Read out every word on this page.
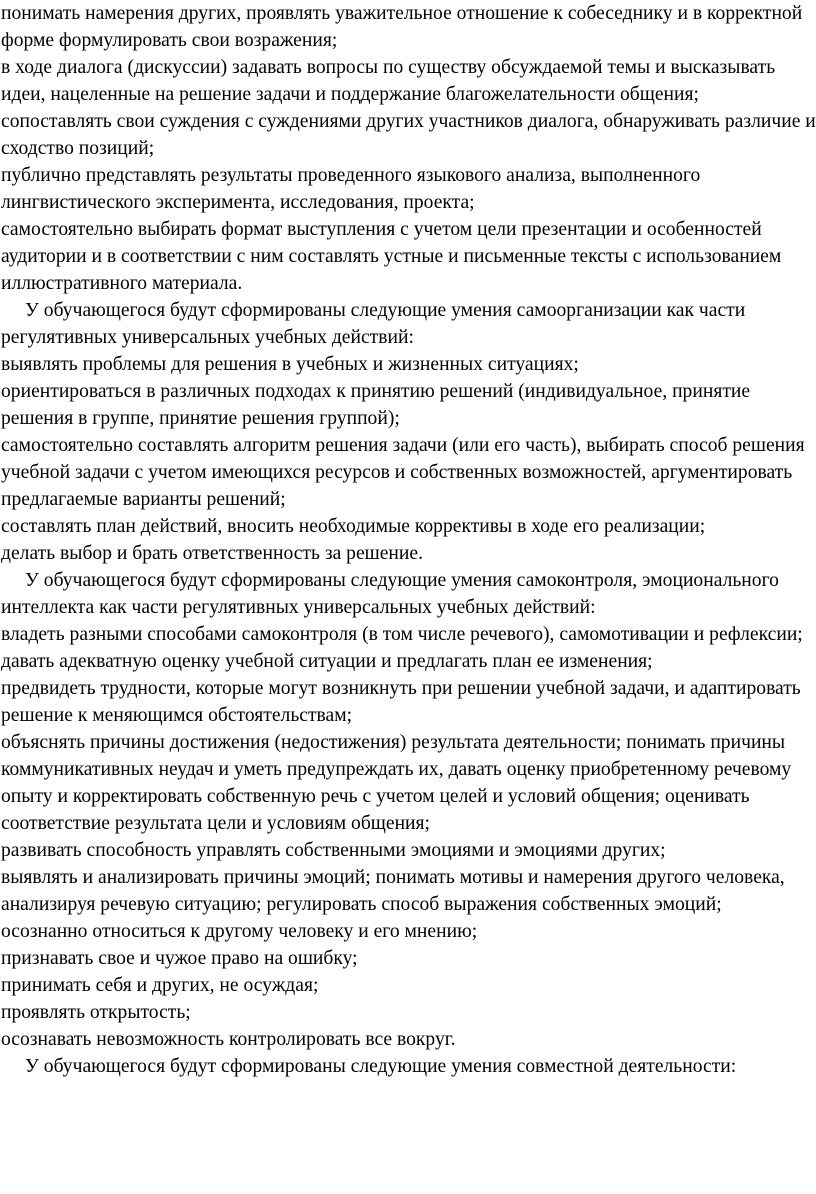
понимать намерения других, проявлять уважительное отношение к собеседнику и в корректной форме формулировать свои возражения;

в ходе диалога (дискуссии) задавать вопросы по существу обсуждаемой темы и высказывать идеи, нацеленные на решение задачи и поддержание благожелательности общения;

сопоставлять свои суждения с суждениями других участников диалога, обнаруживать различие и сходство позиций;

публично представлять результаты проведенного языкового анализа, выполненного лингвистического эксперимента, исследования, проекта;

самостоятельно выбирать формат выступления с учетом цели презентации и особенностей аудитории и в соответствии с ним составлять устные и письменные тексты с использованием иллюстративного материала.

У обучающегося будут сформированы следующие умения самоорганизации как части регулятивных универсальных учебных действий:

выявлять проблемы для решения в учебных и жизненных ситуациях;

ориентироваться в различных подходах к принятию решений (индивидуальное, принятие решения в группе, принятие решения группой);

самостоятельно составлять алгоритм решения задачи (или его часть), выбирать способ решения учебной задачи с учетом имеющихся ресурсов и собственных возможностей, аргументировать предлагаемые варианты решений;

составлять план действий, вносить необходимые коррективы в ходе его реализации;

делать выбор и брать ответственность за решение.

У обучающегося будут сформированы следующие умения самоконтроля, эмоционального интеллекта как части регулятивных универсальных учебных действий:

владеть разными способами самоконтроля (в том числе речевого), самомотивации и рефлексии;

давать адекватную оценку учебной ситуации и предлагать план ее изменения;

предвидеть трудности, которые могут возникнуть при решении учебной задачи, и адаптировать решение к меняющимся обстоятельствам;

объяснять причины достижения (недостижения) результата деятельности; понимать причины коммуникативных неудач и уметь предупреждать их, давать оценку приобретенному речевому опыту и корректировать собственную речь с учетом целей и условий общения; оценивать соответствие результата цели и условиям общения;

развивать способность управлять собственными эмоциями и эмоциями других;

выявлять и анализировать причины эмоций; понимать мотивы и намерения другого человека, анализируя речевую ситуацию; регулировать способ выражения собственных эмоций;

осознанно относиться к другому человеку и его мнению;

признавать свое и чужое право на ошибку;

принимать себя и других, не осуждая;

проявлять открытость;

осознавать невозможность контролировать все вокруг.

У обучающегося будут сформированы следующие умения совместной деятельности:
